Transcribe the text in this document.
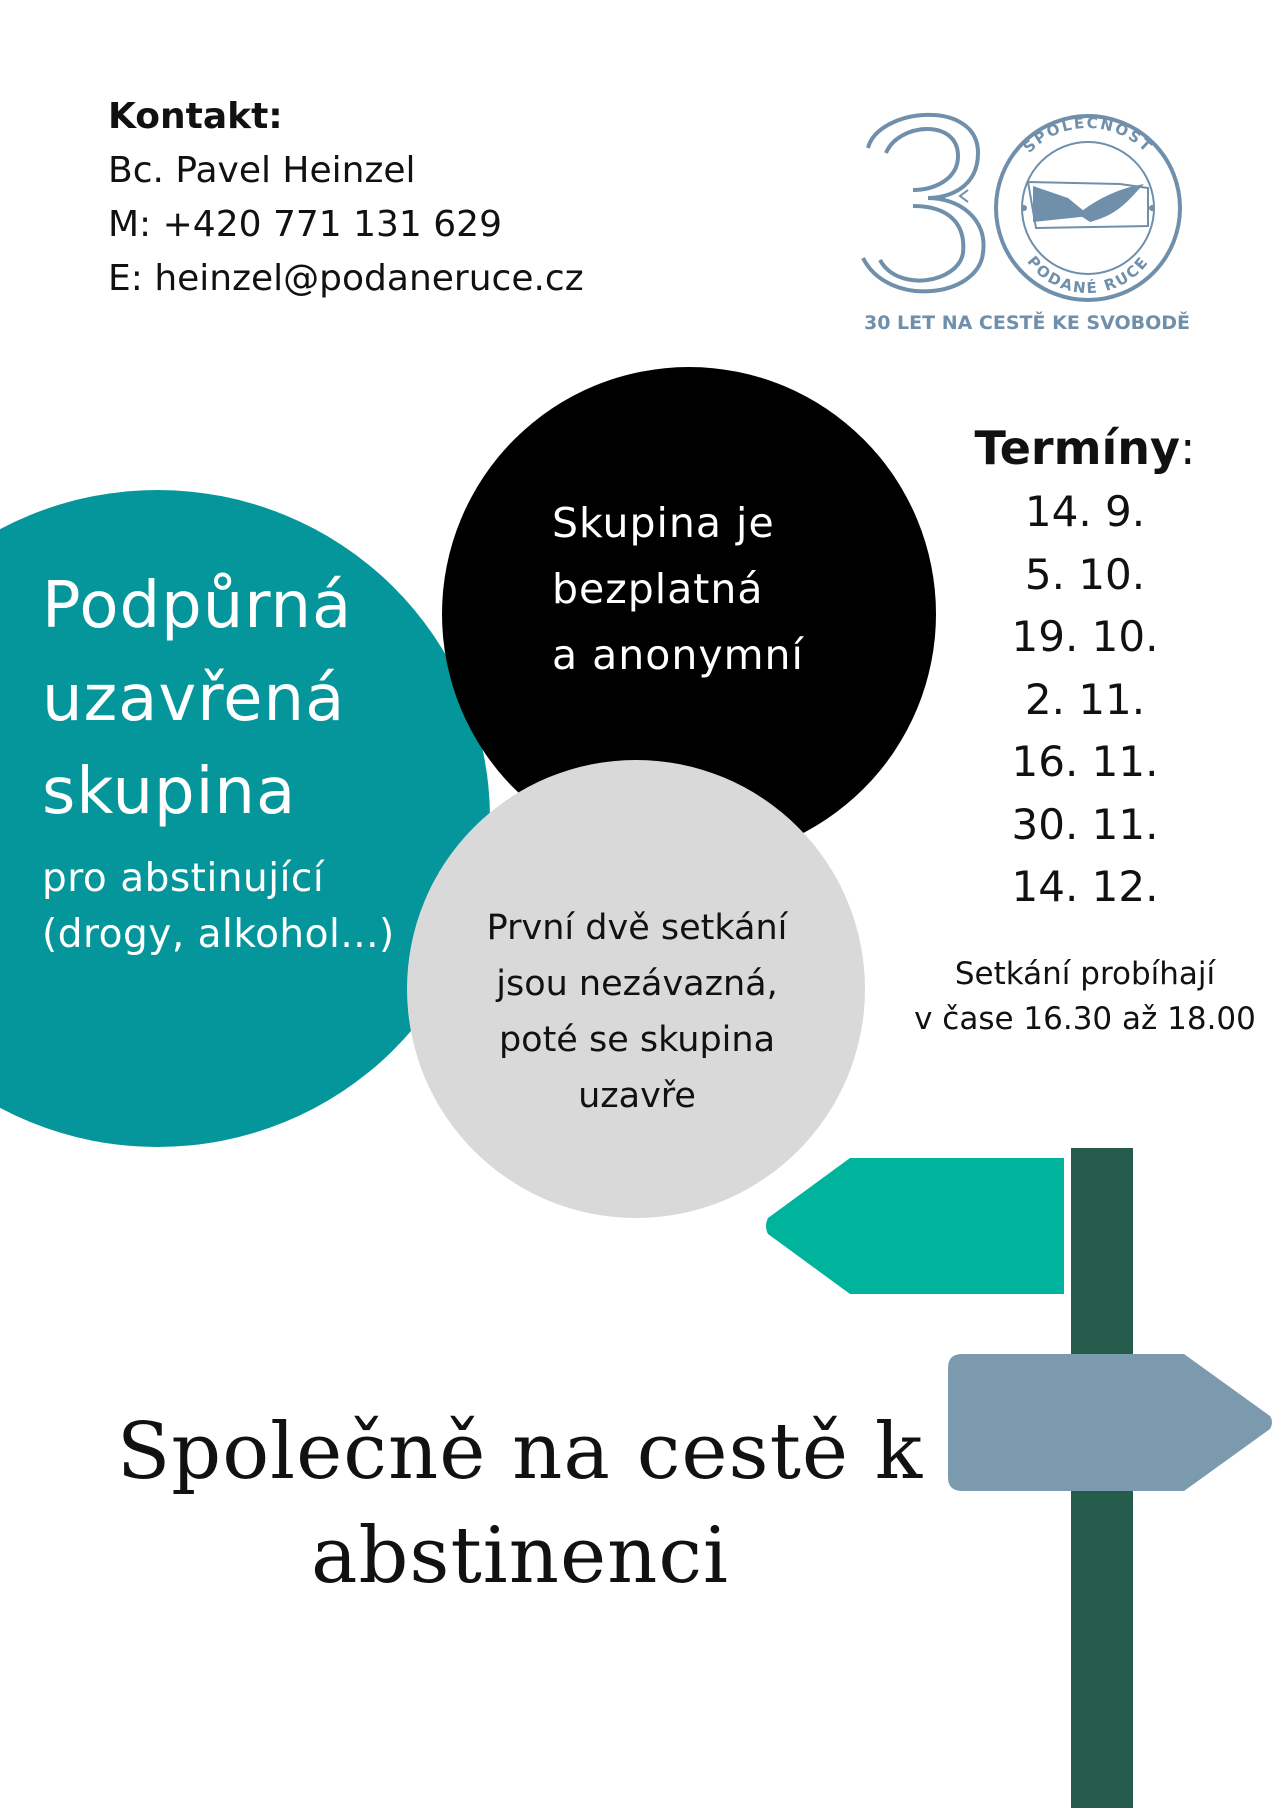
Kontakt:
Bc. Pavel Heinzel
M: +420 771 131 629
E: heinzel@podaneruce.cz
SPOLEČNOST
PODANÉ RUCE
30 LET NA CESTĚ KE SVOBODĚ
Podpůrná
uzavřená
skupina
pro abstinující
(drogy, alkohol...)
Skupina je
bezplatná
a anonymní
První dvě setkání
jsou nezávazná,
poté se skupina
uzavře
Termíny:
14. 9.
5. 10.
19. 10.
2. 11.
16. 11.
30. 11.
14. 12.
Setkání probíhají
v čase 16.30 až 18.00
Společně na cestě k
abstinenci
